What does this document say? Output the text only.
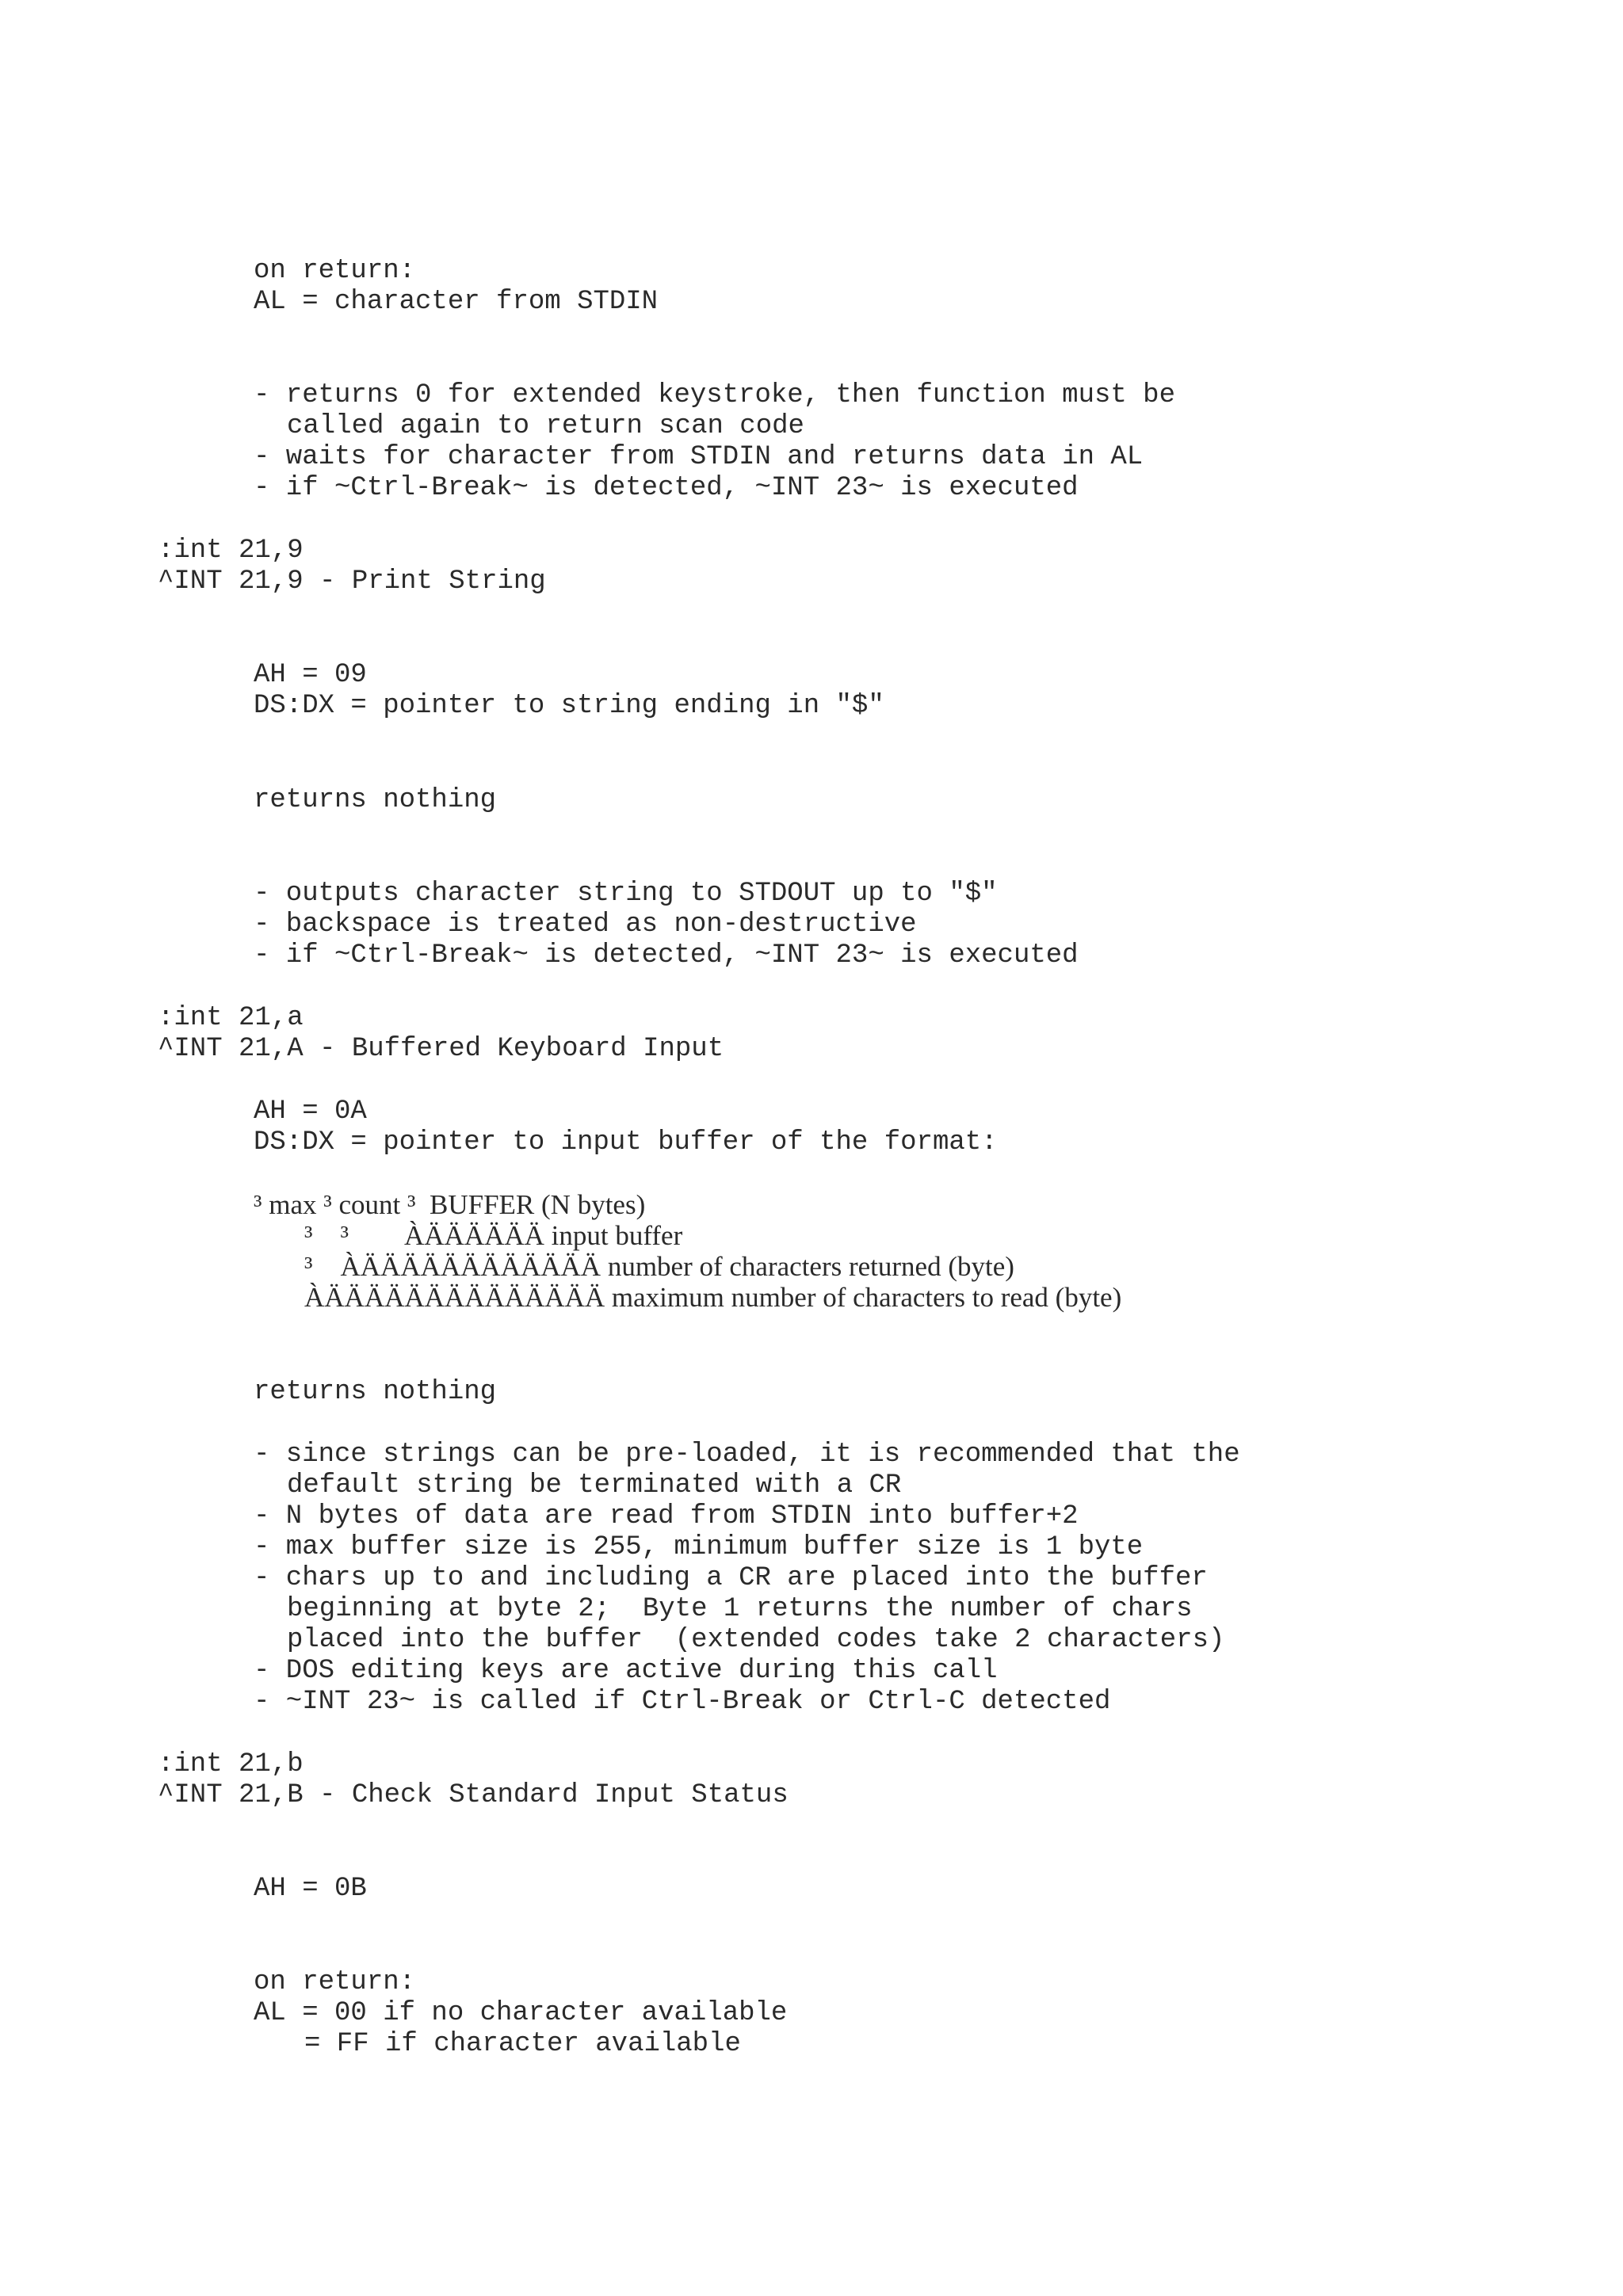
on return:
AL = character from STDIN
- returns 0 for extended keystroke, then function must be
called again to return scan code
- waits for character from STDIN and returns data in AL
- if ~Ctrl-Break~ is detected, ~INT 23~ is executed
:int 21,9
^INT 21,9 - Print String
AH = 09
DS:DX = pointer to string ending in "$"
returns nothing
- outputs character string to STDOUT up to "$"
- backspace is treated as non-destructive
- if ~Ctrl-Break~ is detected, ~INT 23~ is executed
:int 21,a
^INT 21,A - Buffered Keyboard Input
AH = 0A
DS:DX = pointer to input buffer of the format:
³ max ³ count ³  BUFFER (N bytes)
³    ³        ÀÄÄÄÄÄÄ input buffer
³    ÀÄÄÄÄÄÄÄÄÄÄÄÄ number of characters returned (byte)
ÀÄÄÄÄÄÄÄÄÄÄÄÄÄÄ maximum number of characters to read (byte)
returns nothing
- since strings can be pre-loaded, it is recommended that the
default string be terminated with a CR
- N bytes of data are read from STDIN into buffer+2
- max buffer size is 255, minimum buffer size is 1 byte
- chars up to and including a CR are placed into the buffer
beginning at byte 2;  Byte 1 returns the number of chars
placed into the buffer  (extended codes take 2 characters)
- DOS editing keys are active during this call
- ~INT 23~ is called if Ctrl-Break or Ctrl-C detected
:int 21,b
^INT 21,B - Check Standard Input Status
AH = 0B
on return:
AL = 00 if no character available
= FF if character available
